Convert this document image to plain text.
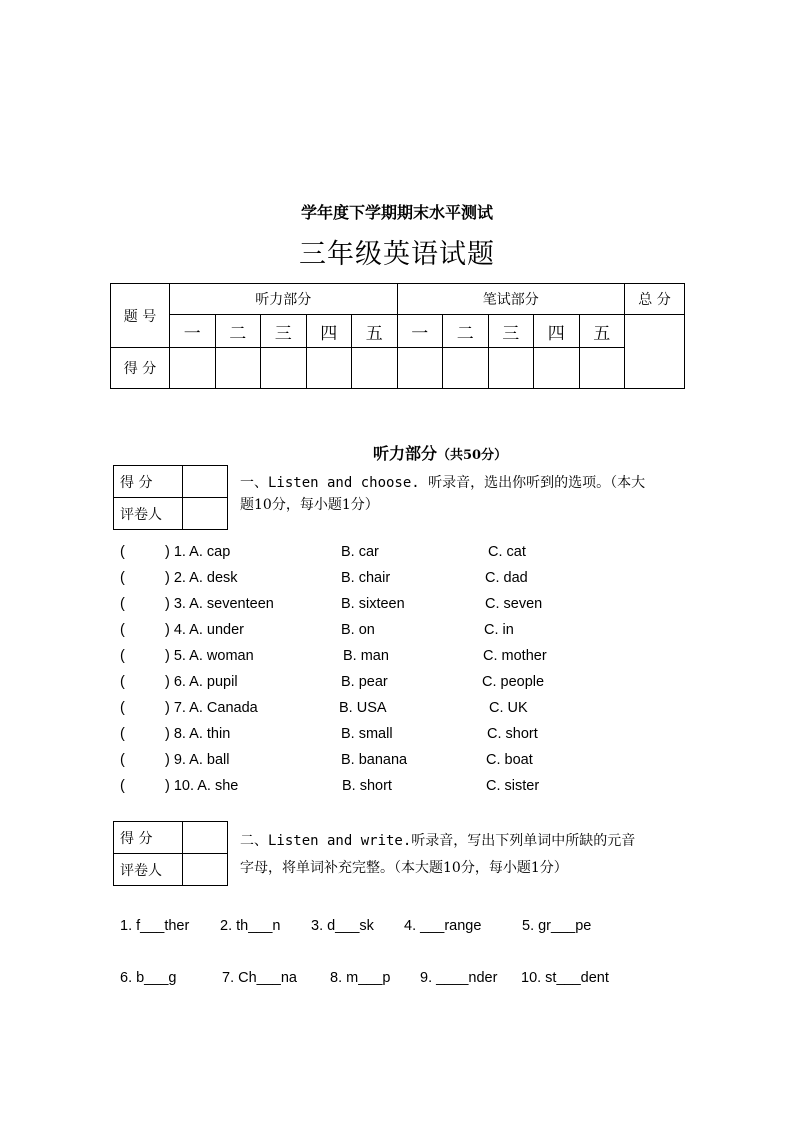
学年度下学期期末水平测试
三年级英语试题
题 号	听力部分					笔试部分					总 分
	一	二	三	四	五	一	二	三	四	五	
得 分											
听力部分（共50分）
得 分	
评卷人	
一、Listen and choose. 听录音，选出你听到的选项。（本大
题10分，每小题1分）
(	) 1. A. cap	B. car	C. cat
(	) 2. A. desk	B. chair	C. dad
(	) 3. A. seventeen	B. sixteen	C. seven
(	) 4. A. under	B. on	C. in
(	) 5. A. woman	B. man	C. mother
(	) 6. A. pupil	B. pear	C. people
(	) 7. A. Canada	B. USA	C. UK
(	) 8. A. thin	B. small	C. short
(	) 9. A. ball	B. banana	C. boat
(	) 10. A. she	B. short	C. sister
得 分	
评卷人	
二、Listen and write.听录音，写出下列单词中所缺的元音
字母，将单词补充完整。（本大题10分，每小题1分）
1. f___ther 2. th___n 3. d___sk 4. ___range	5. gr___pe
6. b___g	7. Ch___na 8. m___p 9. ____nder 10. st___dent
